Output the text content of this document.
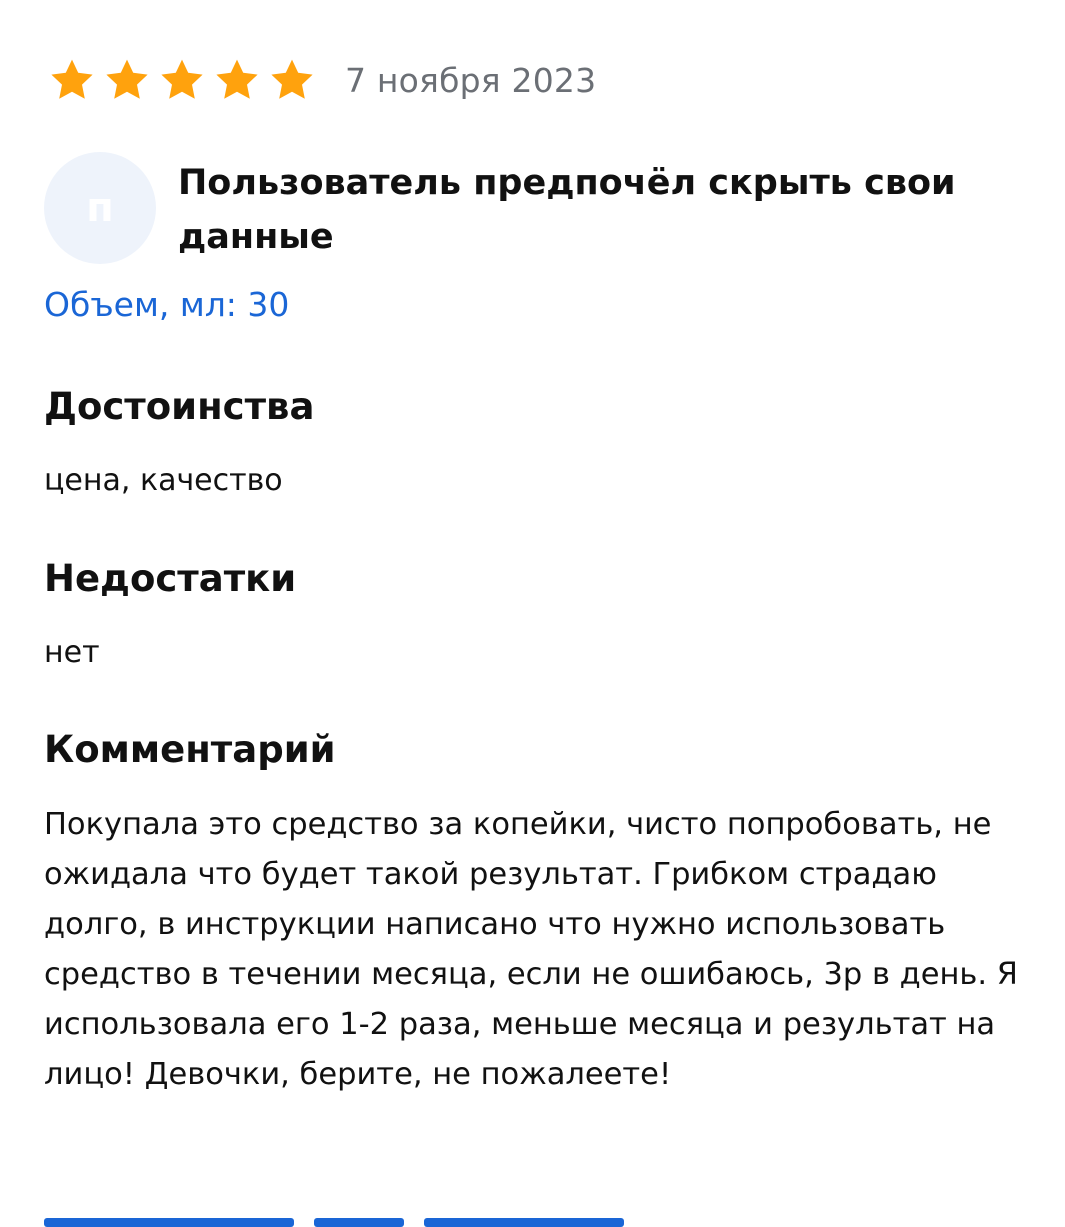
7 ноября 2023
п
Пользователь предпочёл скрыть свои данные
Объем, мл: 30
Достоинства
цена, качество
Недостатки
нет
Комментарий
Покупала это средство за копейки, чисто попробовать, не ожидала что будет такой результат. Грибком страдаю долго, в инструкции написано что нужно использовать средство в течении месяца, если не ошибаюсь, 3р в день. Я использовала его 1-2 раза, меньше месяца и результат на лицо! Девочки, берите, не пожалеете!
